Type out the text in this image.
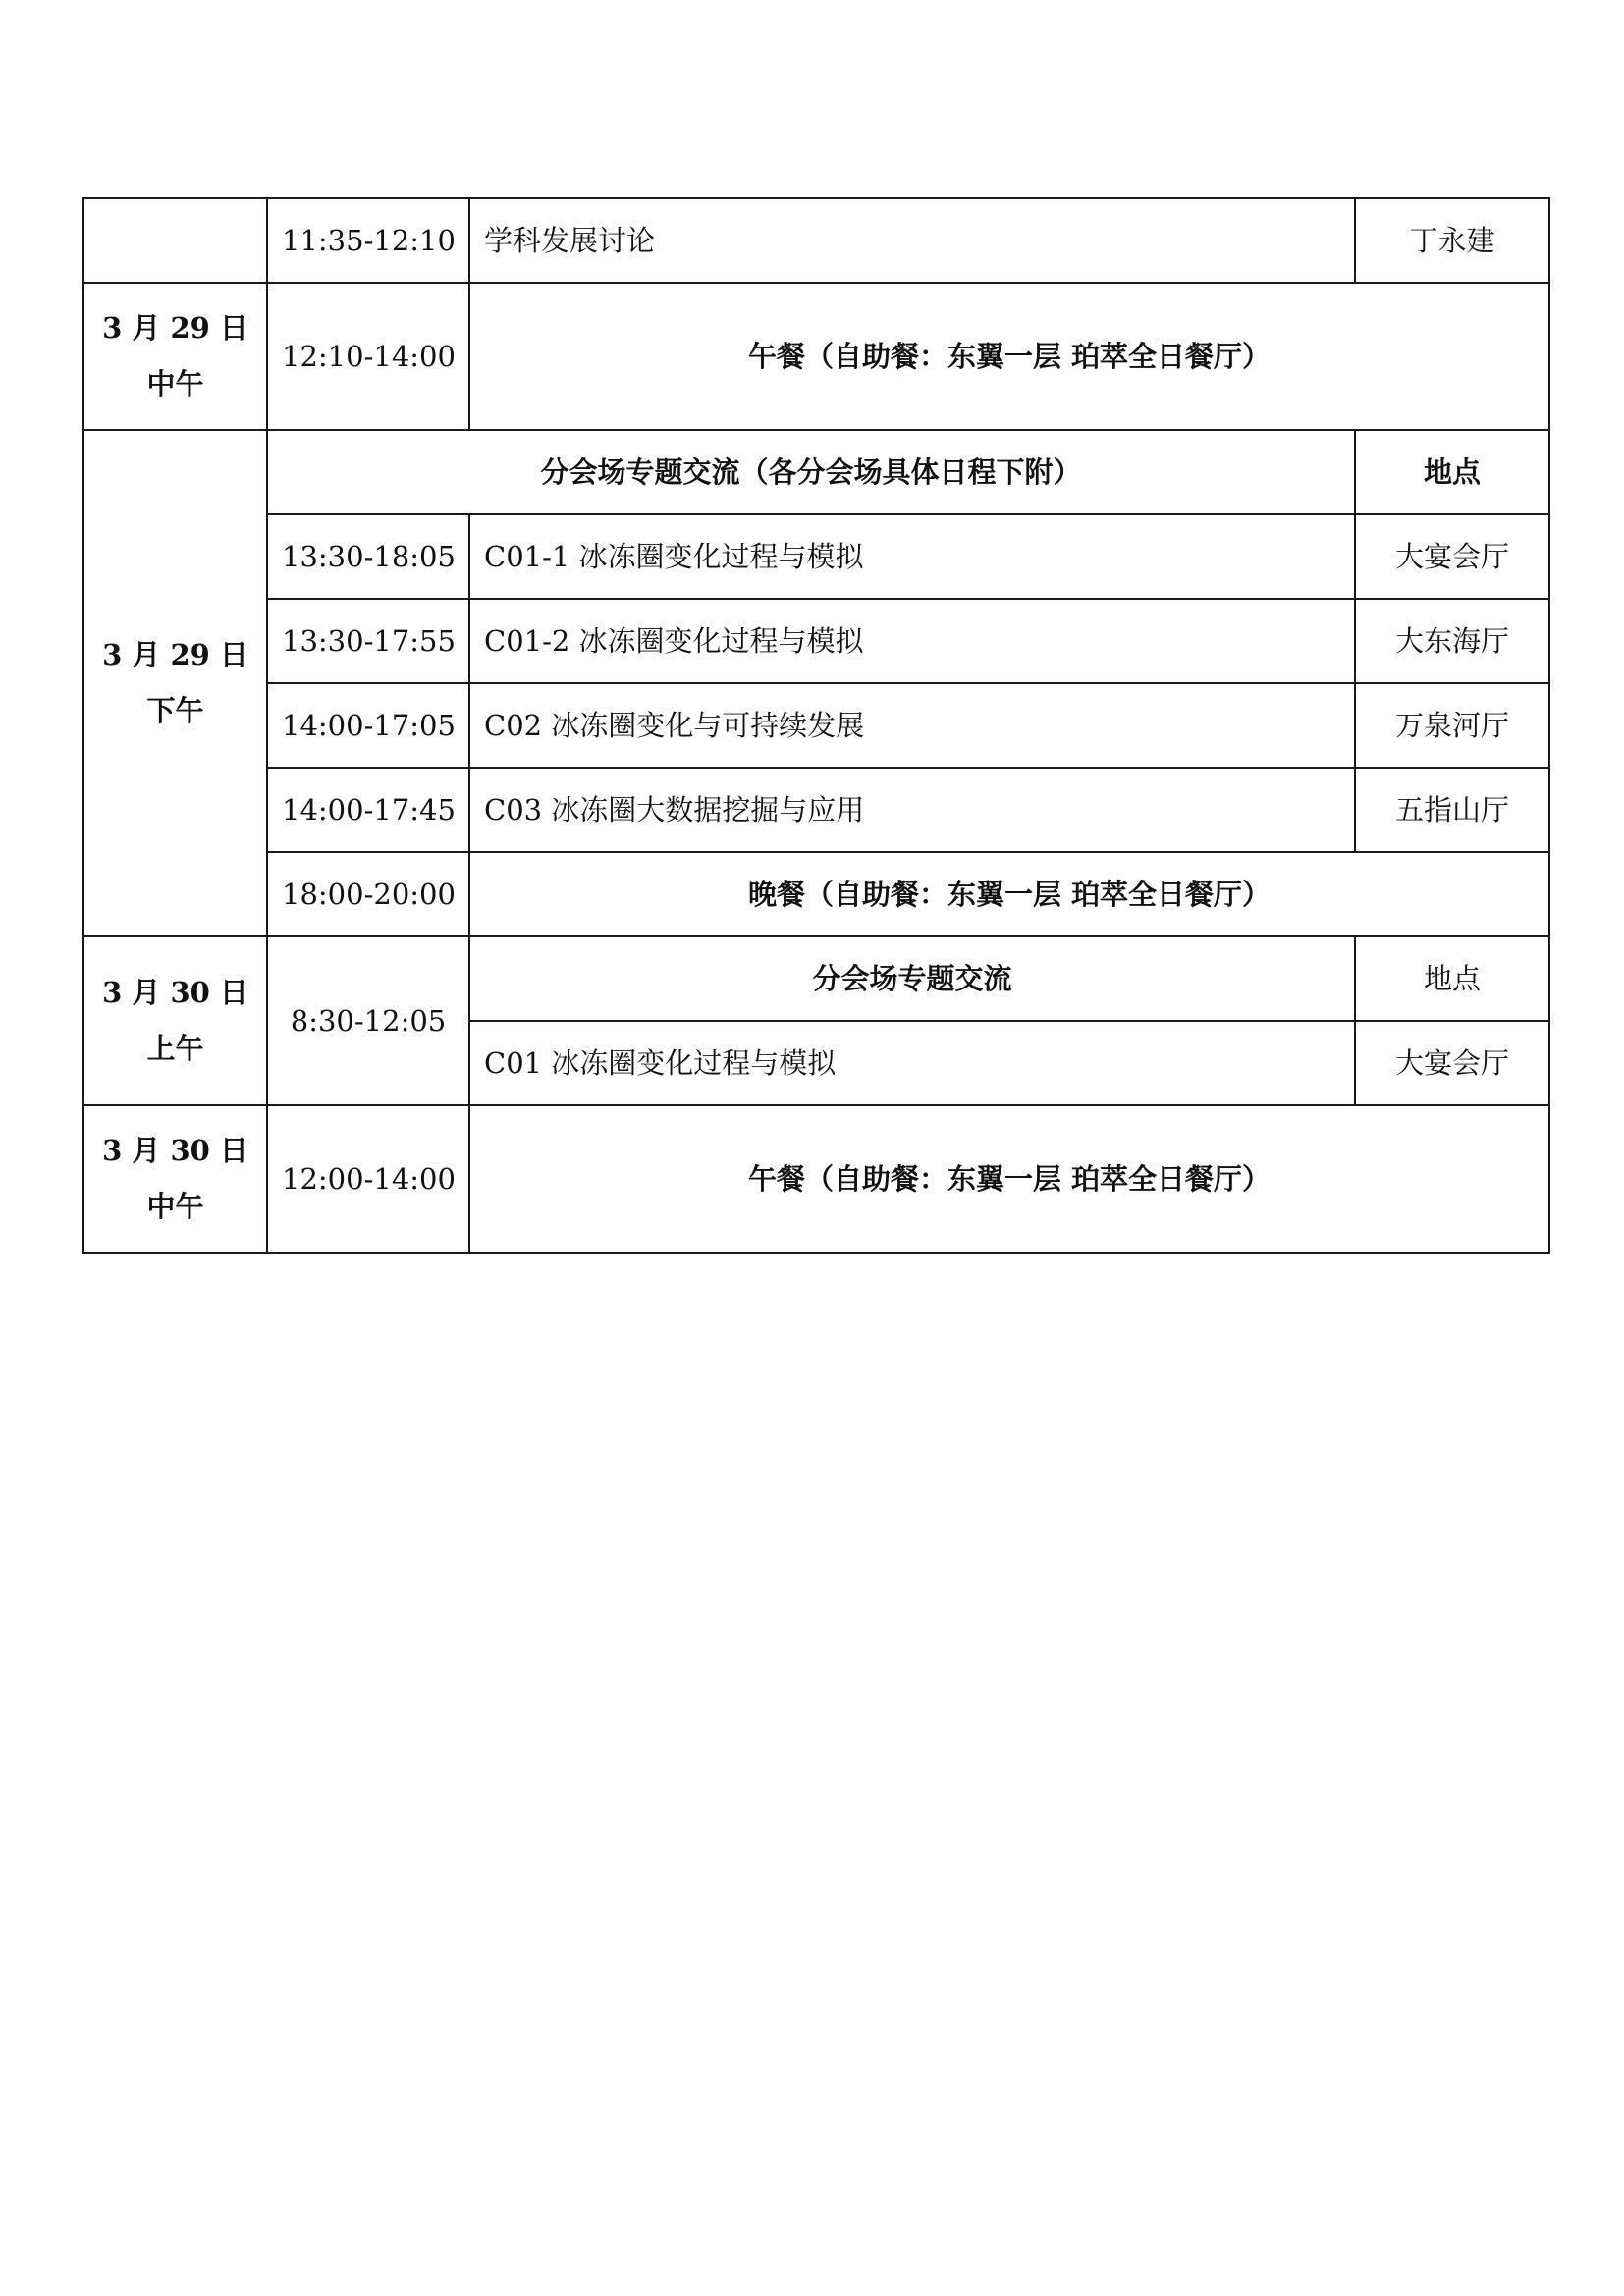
	11:35-12:10	学科发展讨论	丁永建

3 月 29 日
中午	12:10-14:00	午餐（自助餐：东翼一层 珀萃全日餐厅）	

3 月 29 日
下午	分会场专题交流（各分会场具体日程下附）		地点
	13:30-18:05	C01-1 冰冻圈变化过程与模拟	大宴会厅
	13:30-17:55	C01-2 冰冻圈变化过程与模拟	大东海厅
	14:00-17:05	C02 冰冻圈变化与可持续发展	万泉河厅
	14:00-17:45	C03 冰冻圈大数据挖掘与应用	五指山厅
	18:00-20:00	晚餐（自助餐：东翼一层 珀萃全日餐厅）	

3 月 30 日
上午	8:30-12:05	分会场专题交流	地点
		C01 冰冻圈变化过程与模拟	大宴会厅

3 月 30 日
中午	12:00-14:00	午餐（自助餐：东翼一层 珀萃全日餐厅）	
